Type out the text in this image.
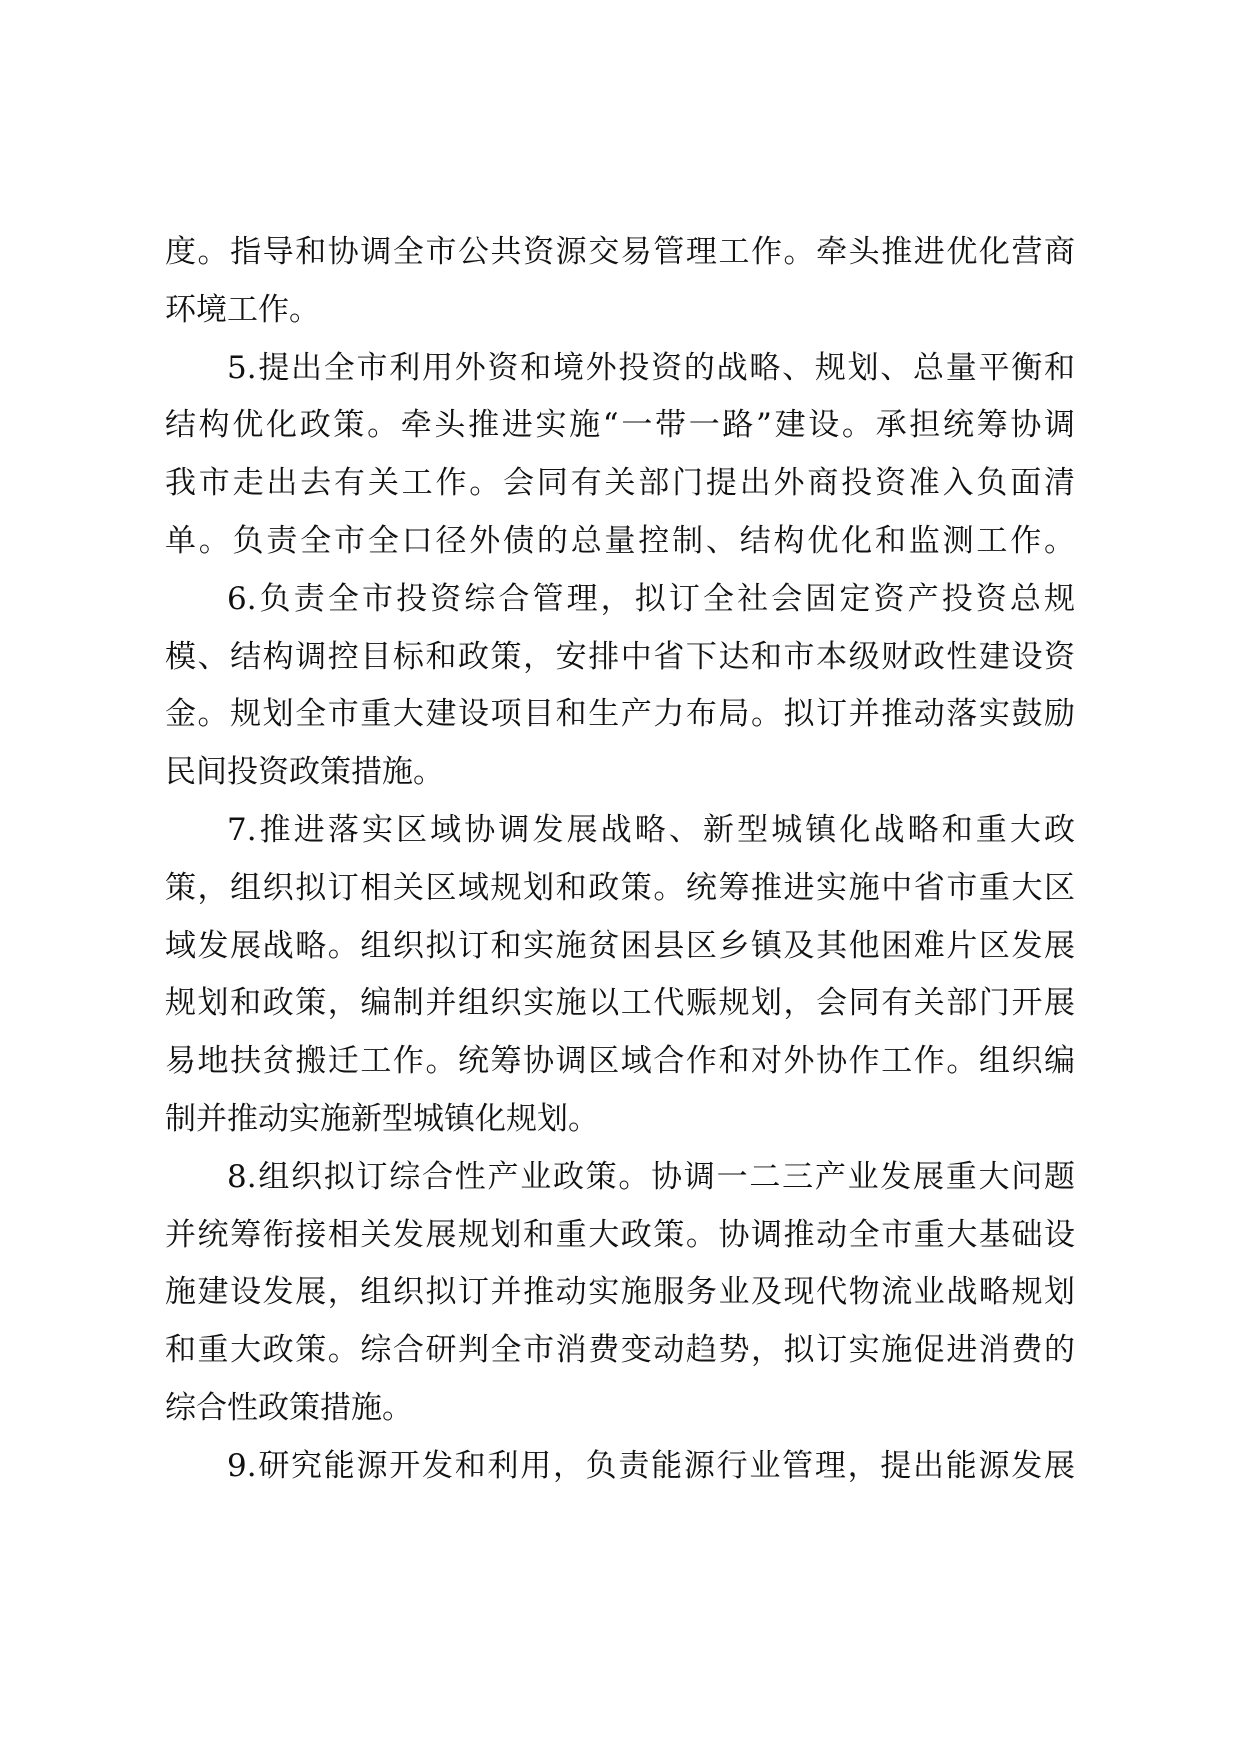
度。指导和协调全市公共资源交易管理工作。牵头推进优化营商
环境工作。
5.提出全市利用外资和境外投资的战略、规划、总量平衡和
结构优化政策。牵头推进实施“一带一路”建设。承担统筹协调
我市走出去有关工作。会同有关部门提出外商投资准入负面清
单。负责全市全口径外债的总量控制、结构优化和监测工作。
6.负责全市投资综合管理，拟订全社会固定资产投资总规
模、结构调控目标和政策，安排中省下达和市本级财政性建设资
金。规划全市重大建设项目和生产力布局。拟订并推动落实鼓励
民间投资政策措施。
7.推进落实区域协调发展战略、新型城镇化战略和重大政
策，组织拟订相关区域规划和政策。统筹推进实施中省市重大区
域发展战略。组织拟订和实施贫困县区乡镇及其他困难片区发展
规划和政策，编制并组织实施以工代赈规划，会同有关部门开展
易地扶贫搬迁工作。统筹协调区域合作和对外协作工作。组织编
制并推动实施新型城镇化规划。
8.组织拟订综合性产业政策。协调一二三产业发展重大问题
并统筹衔接相关发展规划和重大政策。协调推动全市重大基础设
施建设发展，组织拟订并推动实施服务业及现代物流业战略规划
和重大政策。综合研判全市消费变动趋势，拟订实施促进消费的
综合性政策措施。
9.研究能源开发和利用，负责能源行业管理，提出能源发展
